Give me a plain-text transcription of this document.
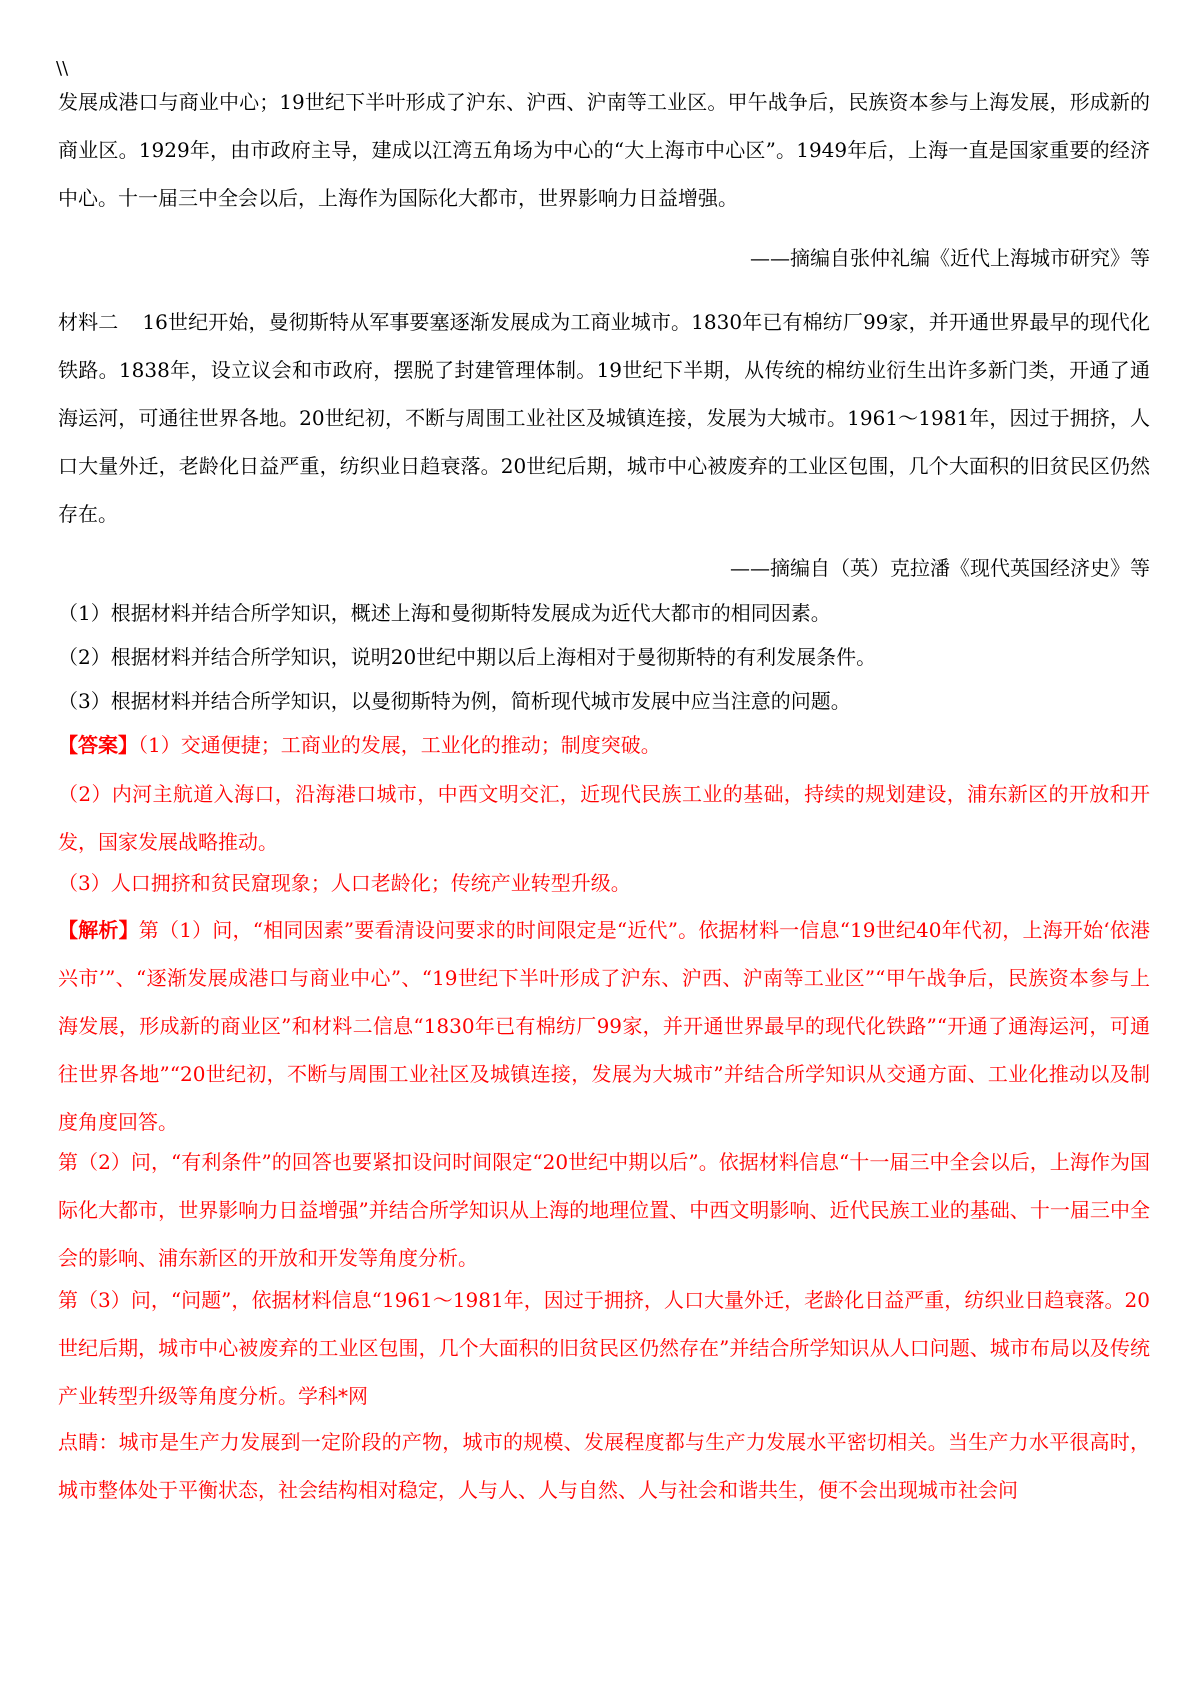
\\

发展成港口与商业中心；19世纪下半叶形成了沪东、沪西、沪南等工业区。甲午战争后，民族资本参与上海发展，形成新的商业区。1929年，由市政府主导，建成以江湾五角场为中心的“大上海市中心区”。1949年后，上海一直是国家重要的经济中心。十一届三中全会以后，上海作为国际化大都市，世界影响力日益增强。

——摘编自张仲礼编《近代上海城市研究》等

材料二 16世纪开始，曼彻斯特从军事要塞逐渐发展成为工商业城市。1830年已有棉纺厂99家，并开通世界最早的现代化铁路。1838年，设立议会和市政府，摆脱了封建管理体制。19世纪下半期，从传统的棉纺业衍生出许多新门类，开通了通海运河，可通往世界各地。20世纪初，不断与周围工业社区及城镇连接，发展为大城市。1961～1981年，因过于拥挤，人口大量外迁，老龄化日益严重，纺织业日趋衰落。20世纪后期，城市中心被废弃的工业区包围，几个大面积的旧贫民区仍然存在。

——摘编自（英）克拉潘《现代英国经济史》等

（1）根据材料并结合所学知识，概述上海和曼彻斯特发展成为近代大都市的相同因素。

（2）根据材料并结合所学知识，说明20世纪中期以后上海相对于曼彻斯特的有利发展条件。

（3）根据材料并结合所学知识，以曼彻斯特为例，简析现代城市发展中应当注意的问题。

【答案】（1）交通便捷；工商业的发展，工业化的推动；制度突破。

（2）内河主航道入海口，沿海港口城市，中西文明交汇，近现代民族工业的基础，持续的规划建设，浦东新区的开放和开发，国家发展战略推动。

（3）人口拥挤和贫民窟现象；人口老龄化；传统产业转型升级。

【解析】第（1）问，“相同因素”要看清设问要求的时间限定是“近代”。依据材料一信息“19世纪40年代初，上海开始‘依港兴市’”、“逐渐发展成港口与商业中心”、“19世纪下半叶形成了沪东、沪西、沪南等工业区”“甲午战争后，民族资本参与上海发展，形成新的商业区”和材料二信息“1830年已有棉纺厂99家，并开通世界最早的现代化铁路”“开通了通海运河，可通往世界各地”“20世纪初，不断与周围工业社区及城镇连接，发展为大城市”并结合所学知识从交通方面、工业化推动以及制度角度回答。

第（2）问，“有利条件”的回答也要紧扣设问时间限定“20世纪中期以后”。依据材料信息“十一届三中全会以后，上海作为国际化大都市，世界影响力日益增强”并结合所学知识从上海的地理位置、中西文明影响、近代民族工业的基础、十一届三中全会的影响、浦东新区的开放和开发等角度分析。

第（3）问，“问题”，依据材料信息“1961～1981年，因过于拥挤，人口大量外迁，老龄化日益严重，纺织业日趋衰落。20世纪后期，城市中心被废弃的工业区包围，几个大面积的旧贫民区仍然存在”并结合所学知识从人口问题、城市布局以及传统产业转型升级等角度分析。学科*网

点睛：城市是生产力发展到一定阶段的产物，城市的规模、发展程度都与生产力发展水平密切相关。当生产力水平很高时，城市整体处于平衡状态，社会结构相对稳定，人与人、人与自然、人与社会和谐共生，便不会出现城市社会问
